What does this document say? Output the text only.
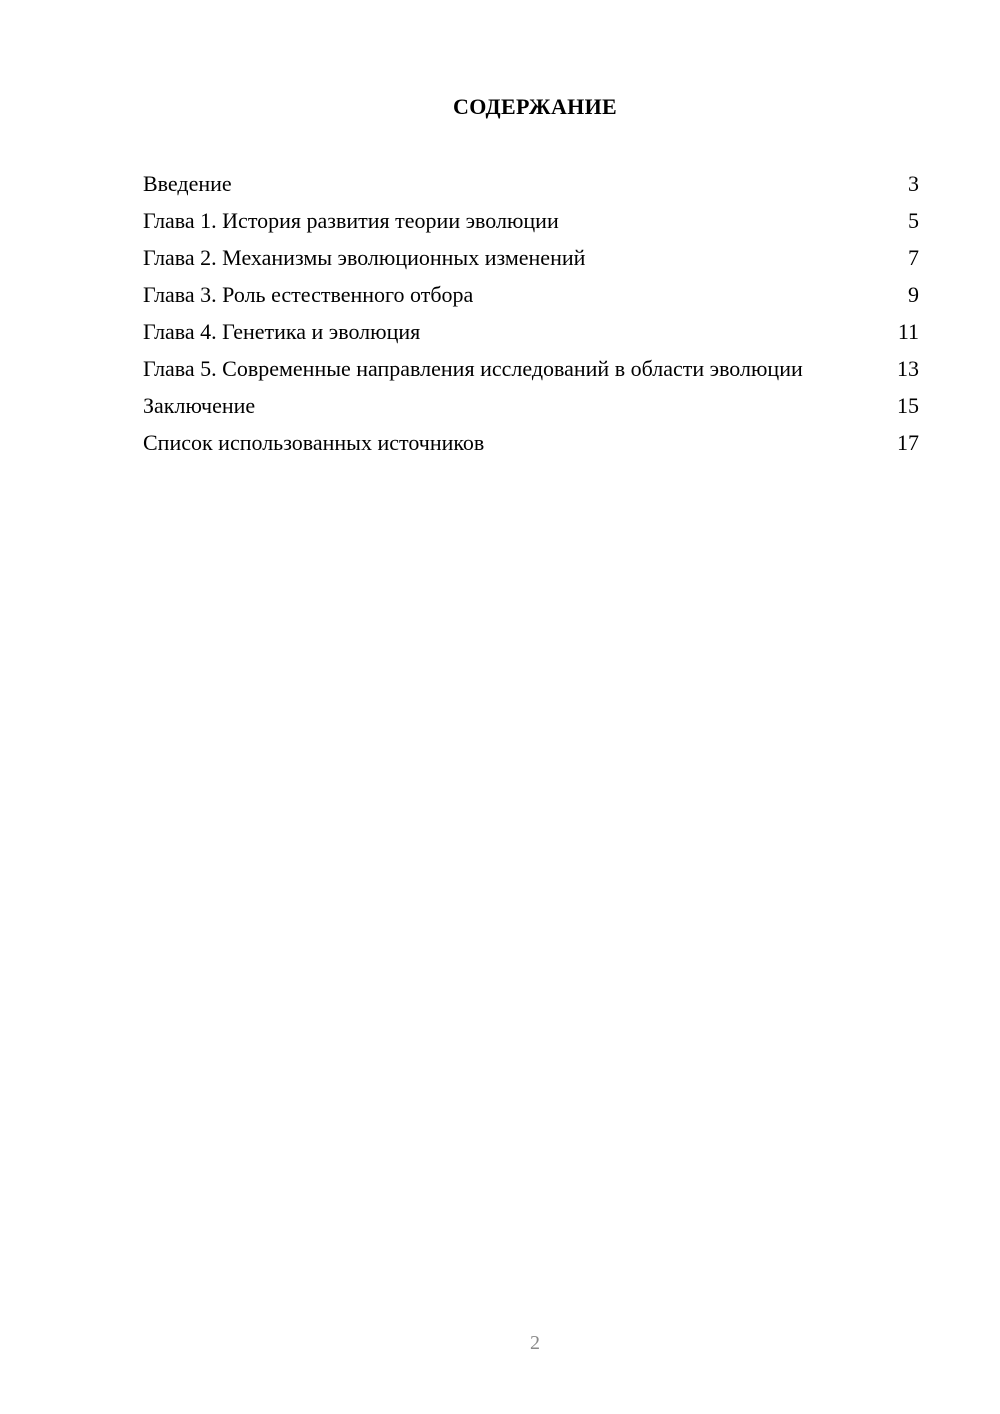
СОДЕРЖАНИЕ
Введение	3
Глава 1. История развития теории эволюции	5
Глава 2. Механизмы эволюционных изменений	7
Глава 3. Роль естественного отбора	9
Глава 4. Генетика и эволюция	11
Глава 5. Современные направления исследований в области эволюции	13
Заключение	15
Список использованных источников	17
2
